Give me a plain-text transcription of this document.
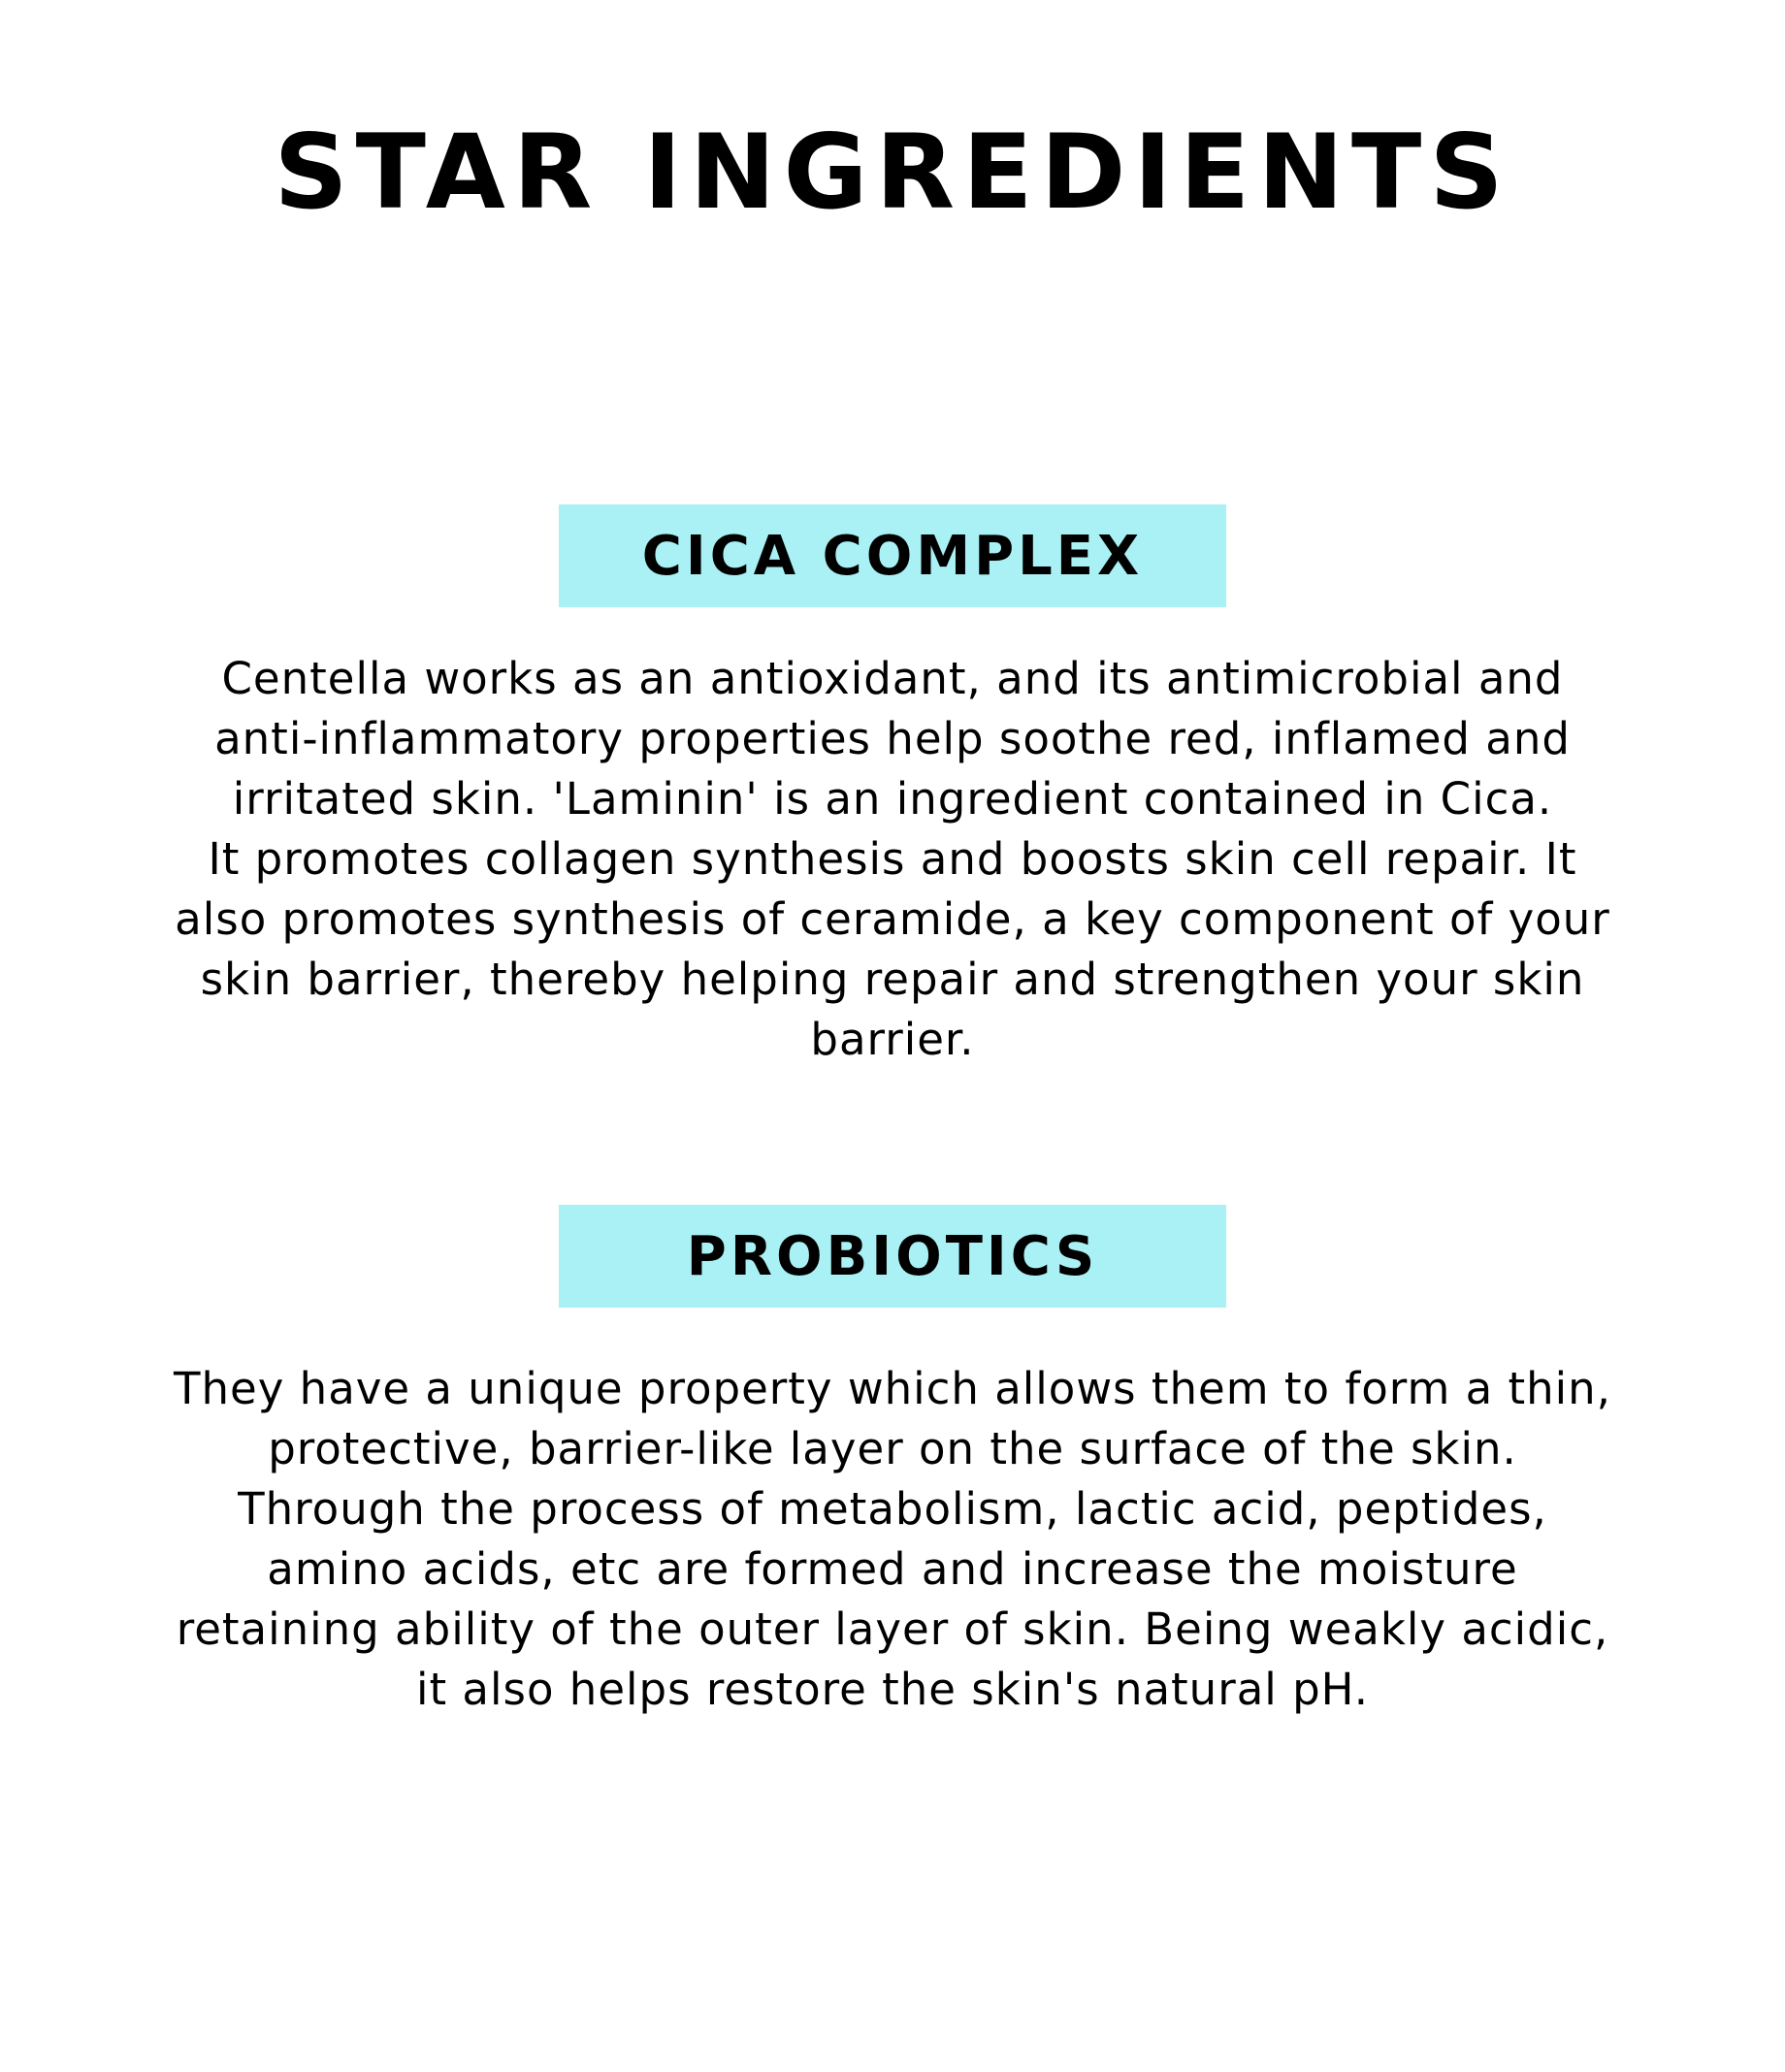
STAR INGREDIENTS
CICA COMPLEX

Centella works as an antioxidant, and its antimicrobial and
anti-inflammatory properties help soothe red, inflamed and
irritated skin. 'Laminin' is an ingredient contained in Cica.
It promotes collagen synthesis and boosts skin cell repair. It
also promotes synthesis of ceramide, a key component of your
skin barrier, thereby helping repair and strengthen your skin
barrier.

PROBIOTICS

They have a unique property which allows them to form a thin,
protective, barrier-like layer on the surface of the skin.
Through the process of metabolism, lactic acid, peptides,
amino acids, etc are formed and increase the moisture
retaining ability of the outer layer of skin. Being weakly acidic,
it also helps restore the skin's natural pH.
